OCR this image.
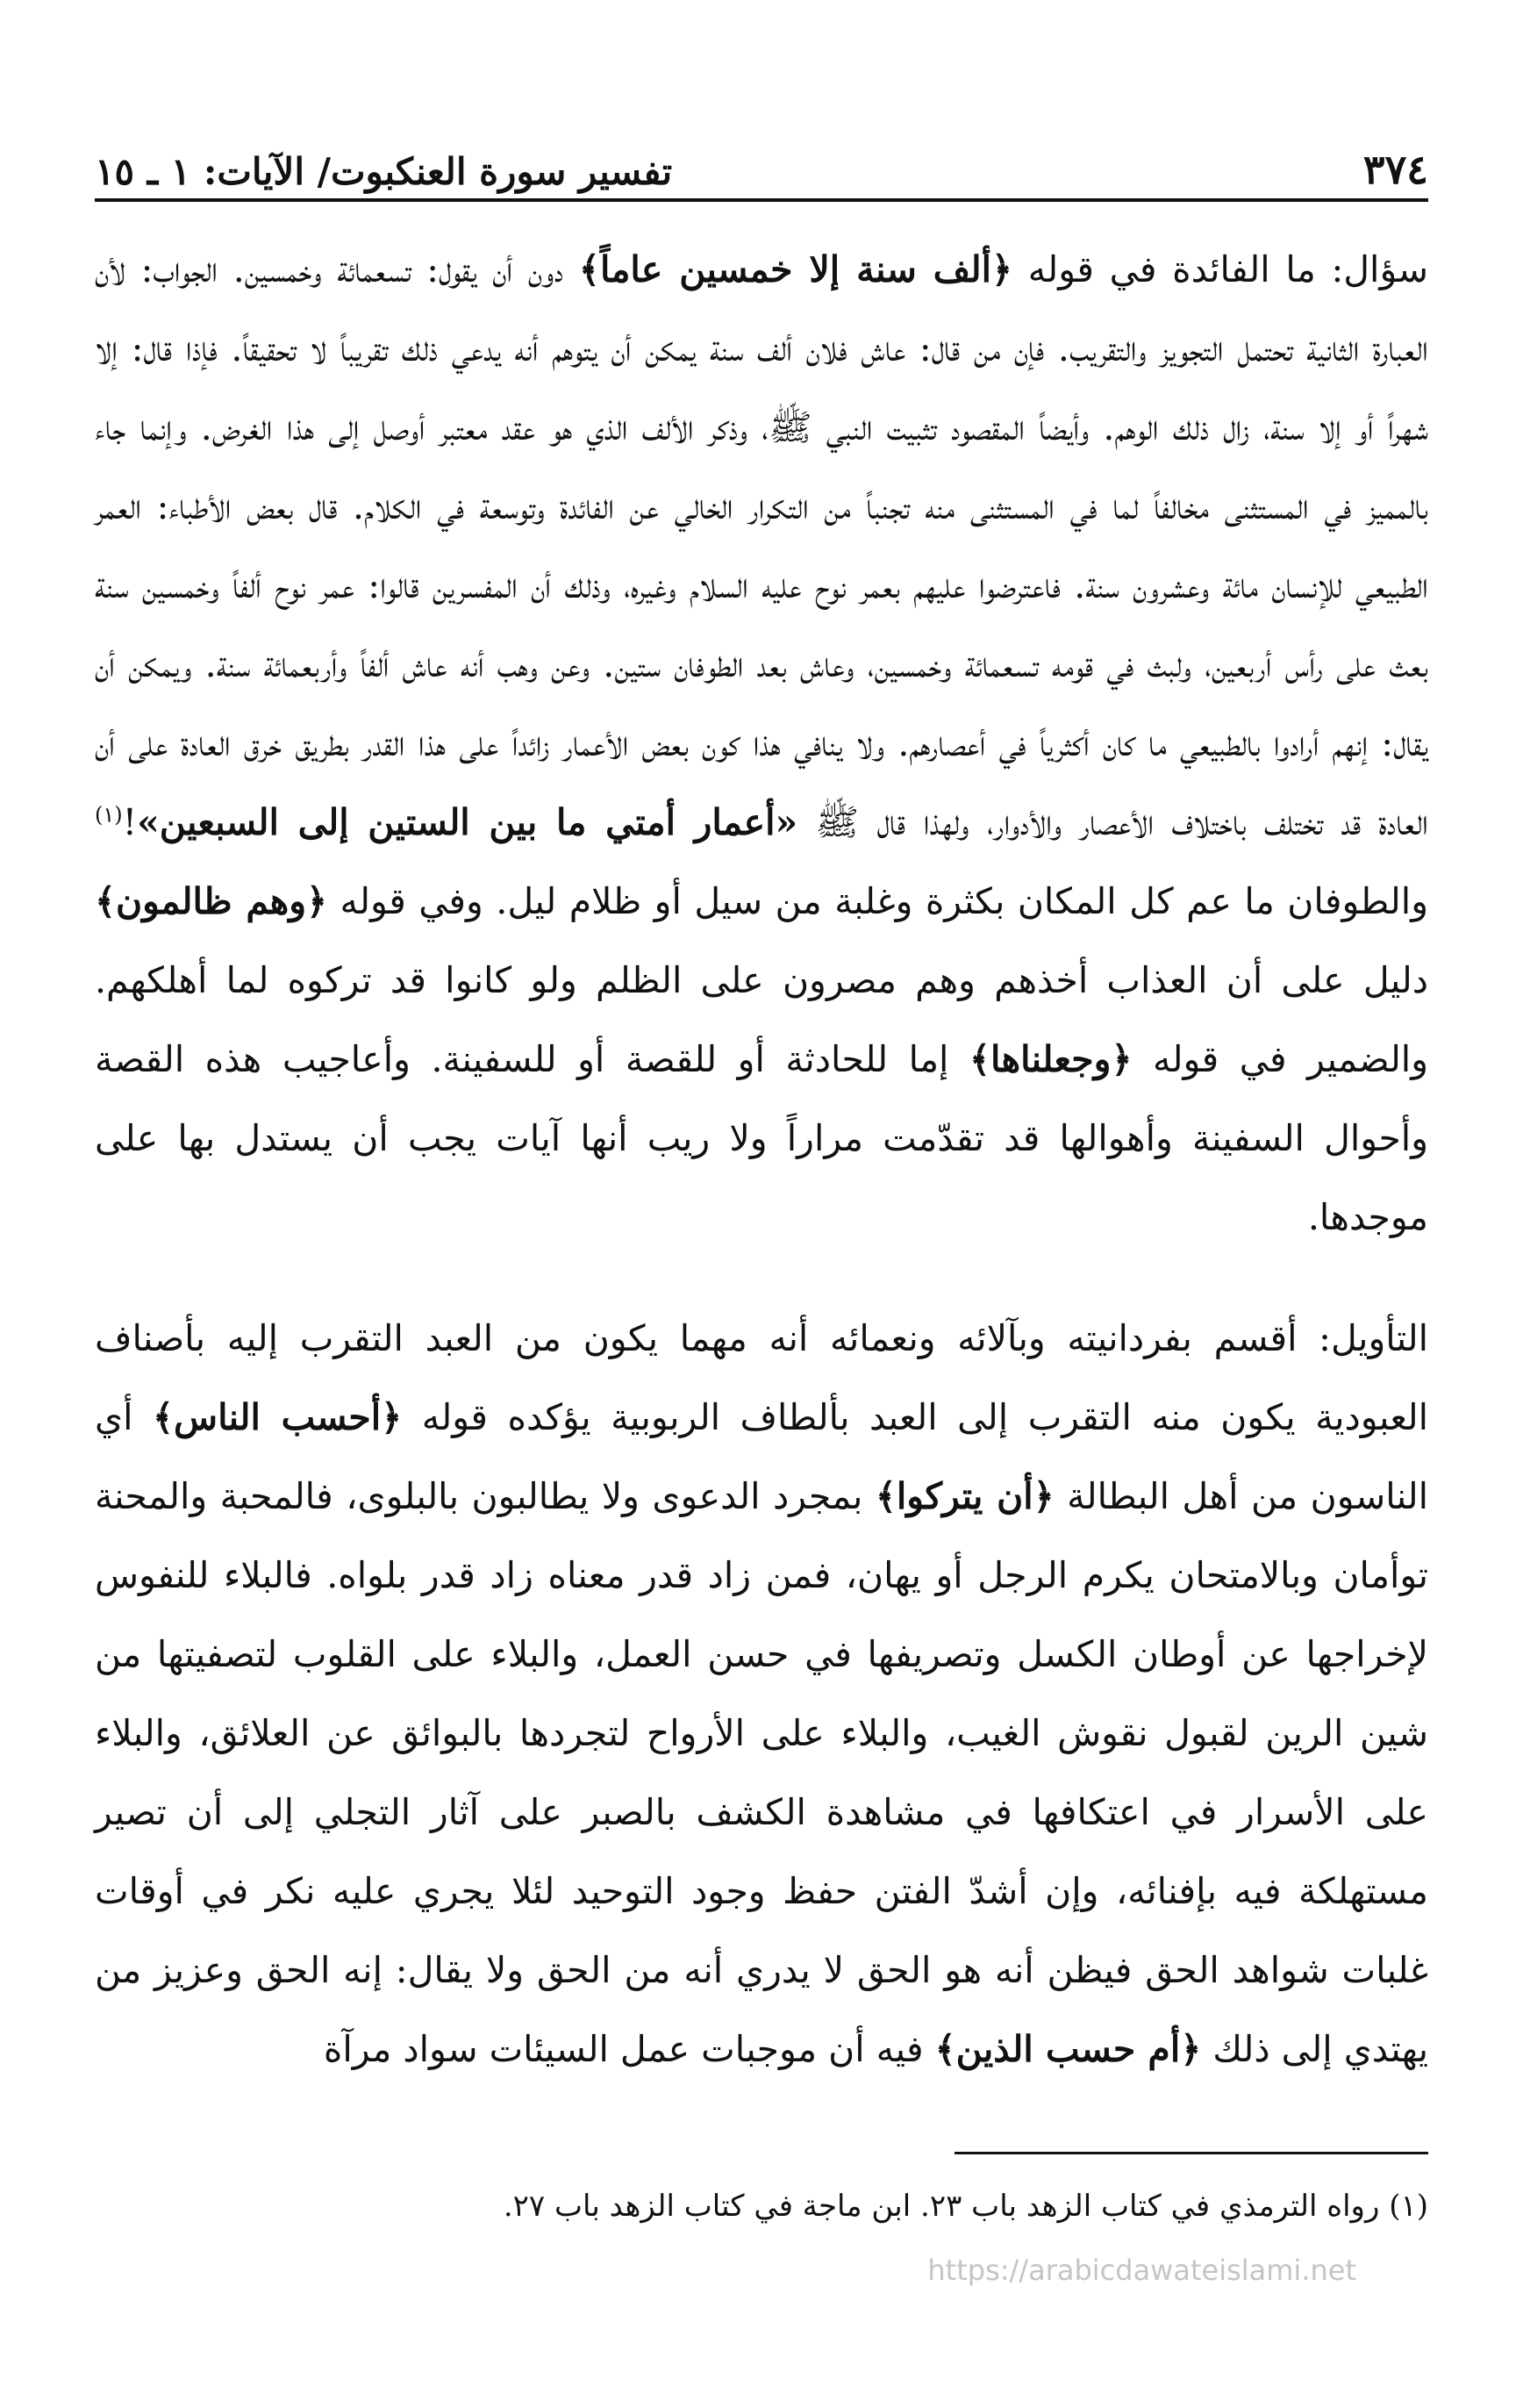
٣٧٤
تفسير سورة العنكبوت/ الآيات: ١ ـ ١٥

سؤال: ما الفائدة في قوله ﴿ألف سنة إلا خمسين عاماً﴾ دون أن يقول: تسعمائة وخمسين. الجواب: لأن العبارة الثانية تحتمل التجويز والتقريب. فإن من قال: عاش فلان ألف سنة يمكن أن يتوهم أنه يدعي ذلك تقريباً لا تحقيقاً. فإذا قال: إلا شهراً أو إلا سنة، زال ذلك الوهم. وأيضاً المقصود تثبيت النبي ﷺ، وذكر الألف الذي هو عقد معتبر أوصل إلى هذا الغرض. وإنما جاء بالمميز في المستثنى مخالفاً لما في المستثنى منه تجنباً من التكرار الخالي عن الفائدة وتوسعة في الكلام. قال بعض الأطباء: العمر الطبيعي للإنسان مائة وعشرون سنة. فاعترضوا عليهم بعمر نوح عليه السلام وغيره، وذلك أن المفسرين قالوا: عمر نوح ألفاً وخمسين سنة بعث على رأس أربعين، ولبث في قومه تسعمائة وخمسين، وعاش بعد الطوفان ستين. وعن وهب أنه عاش ألفاً وأربعمائة سنة. ويمكن أن يقال: إنهم أرادوا بالطبيعي ما كان أكثرياً في أعصارهم. ولا ينافي هذا كون بعض الأعمار زائداً على هذا القدر بطريق خرق العادة على أن العادة قد تختلف باختلاف الأعصار والأدوار، ولهذا قال ﷺ «أعمار أمتي ما بين الستين إلى السبعين»!$^{(١)}$ والطوفان ما عم كل المكان بكثرة وغلبة من سيل أو ظلام ليل. وفي قوله ﴿وهم ظالمون﴾ دليل على أن العذاب أخذهم وهم مصرون على الظلم ولو كانوا قد تركوه لما أهلكهم. والضمير في قوله ﴿وجعلناها﴾ إما للحادثة أو للقصة أو للسفينة. وأعاجيب هذه القصة وأحوال السفينة وأهوالها قد تقدّمت مراراً ولا ريب أنها آيات يجب أن يستدل بها على موجدها.

التأويل: أقسم بفردانيته وبآلائه ونعمائه أنه مهما يكون من العبد التقرب إليه بأصناف العبودية يكون منه التقرب إلى العبد بألطاف الربوبية يؤكده قوله ﴿أحسب الناس﴾ أي الناسون من أهل البطالة ﴿أن يتركوا﴾ بمجرد الدعوى ولا يطالبون بالبلوى، فالمحبة والمحنة توأمان وبالامتحان يكرم الرجل أو يهان، فمن زاد قدر معناه زاد قدر بلواه. فالبلاء للنفوس لإخراجها عن أوطان الكسل وتصريفها في حسن العمل، والبلاء على القلوب لتصفيتها من شين الرين لقبول نقوش الغيب، والبلاء على الأرواح لتجردها بالبوائق عن العلائق، والبلاء على الأسرار في اعتكافها في مشاهدة الكشف بالصبر على آثار التجلي إلى أن تصير مستهلكة فيه بإفنائه، وإن أشدّ الفتن حفظ وجود التوحيد لئلا يجري عليه نكر في أوقات غلبات شواهد الحق فيظن أنه هو الحق لا يدري أنه من الحق ولا يقال: إنه الحق وعزيز من يهتدي إلى ذلك ﴿أم حسب الذين﴾ فيه أن موجبات عمل السيئات سواد مرآة

(١) رواه الترمذي في كتاب الزهد باب ٢٣. ابن ماجة في كتاب الزهد باب ٢٧.
https://arabicdawateislami.net
